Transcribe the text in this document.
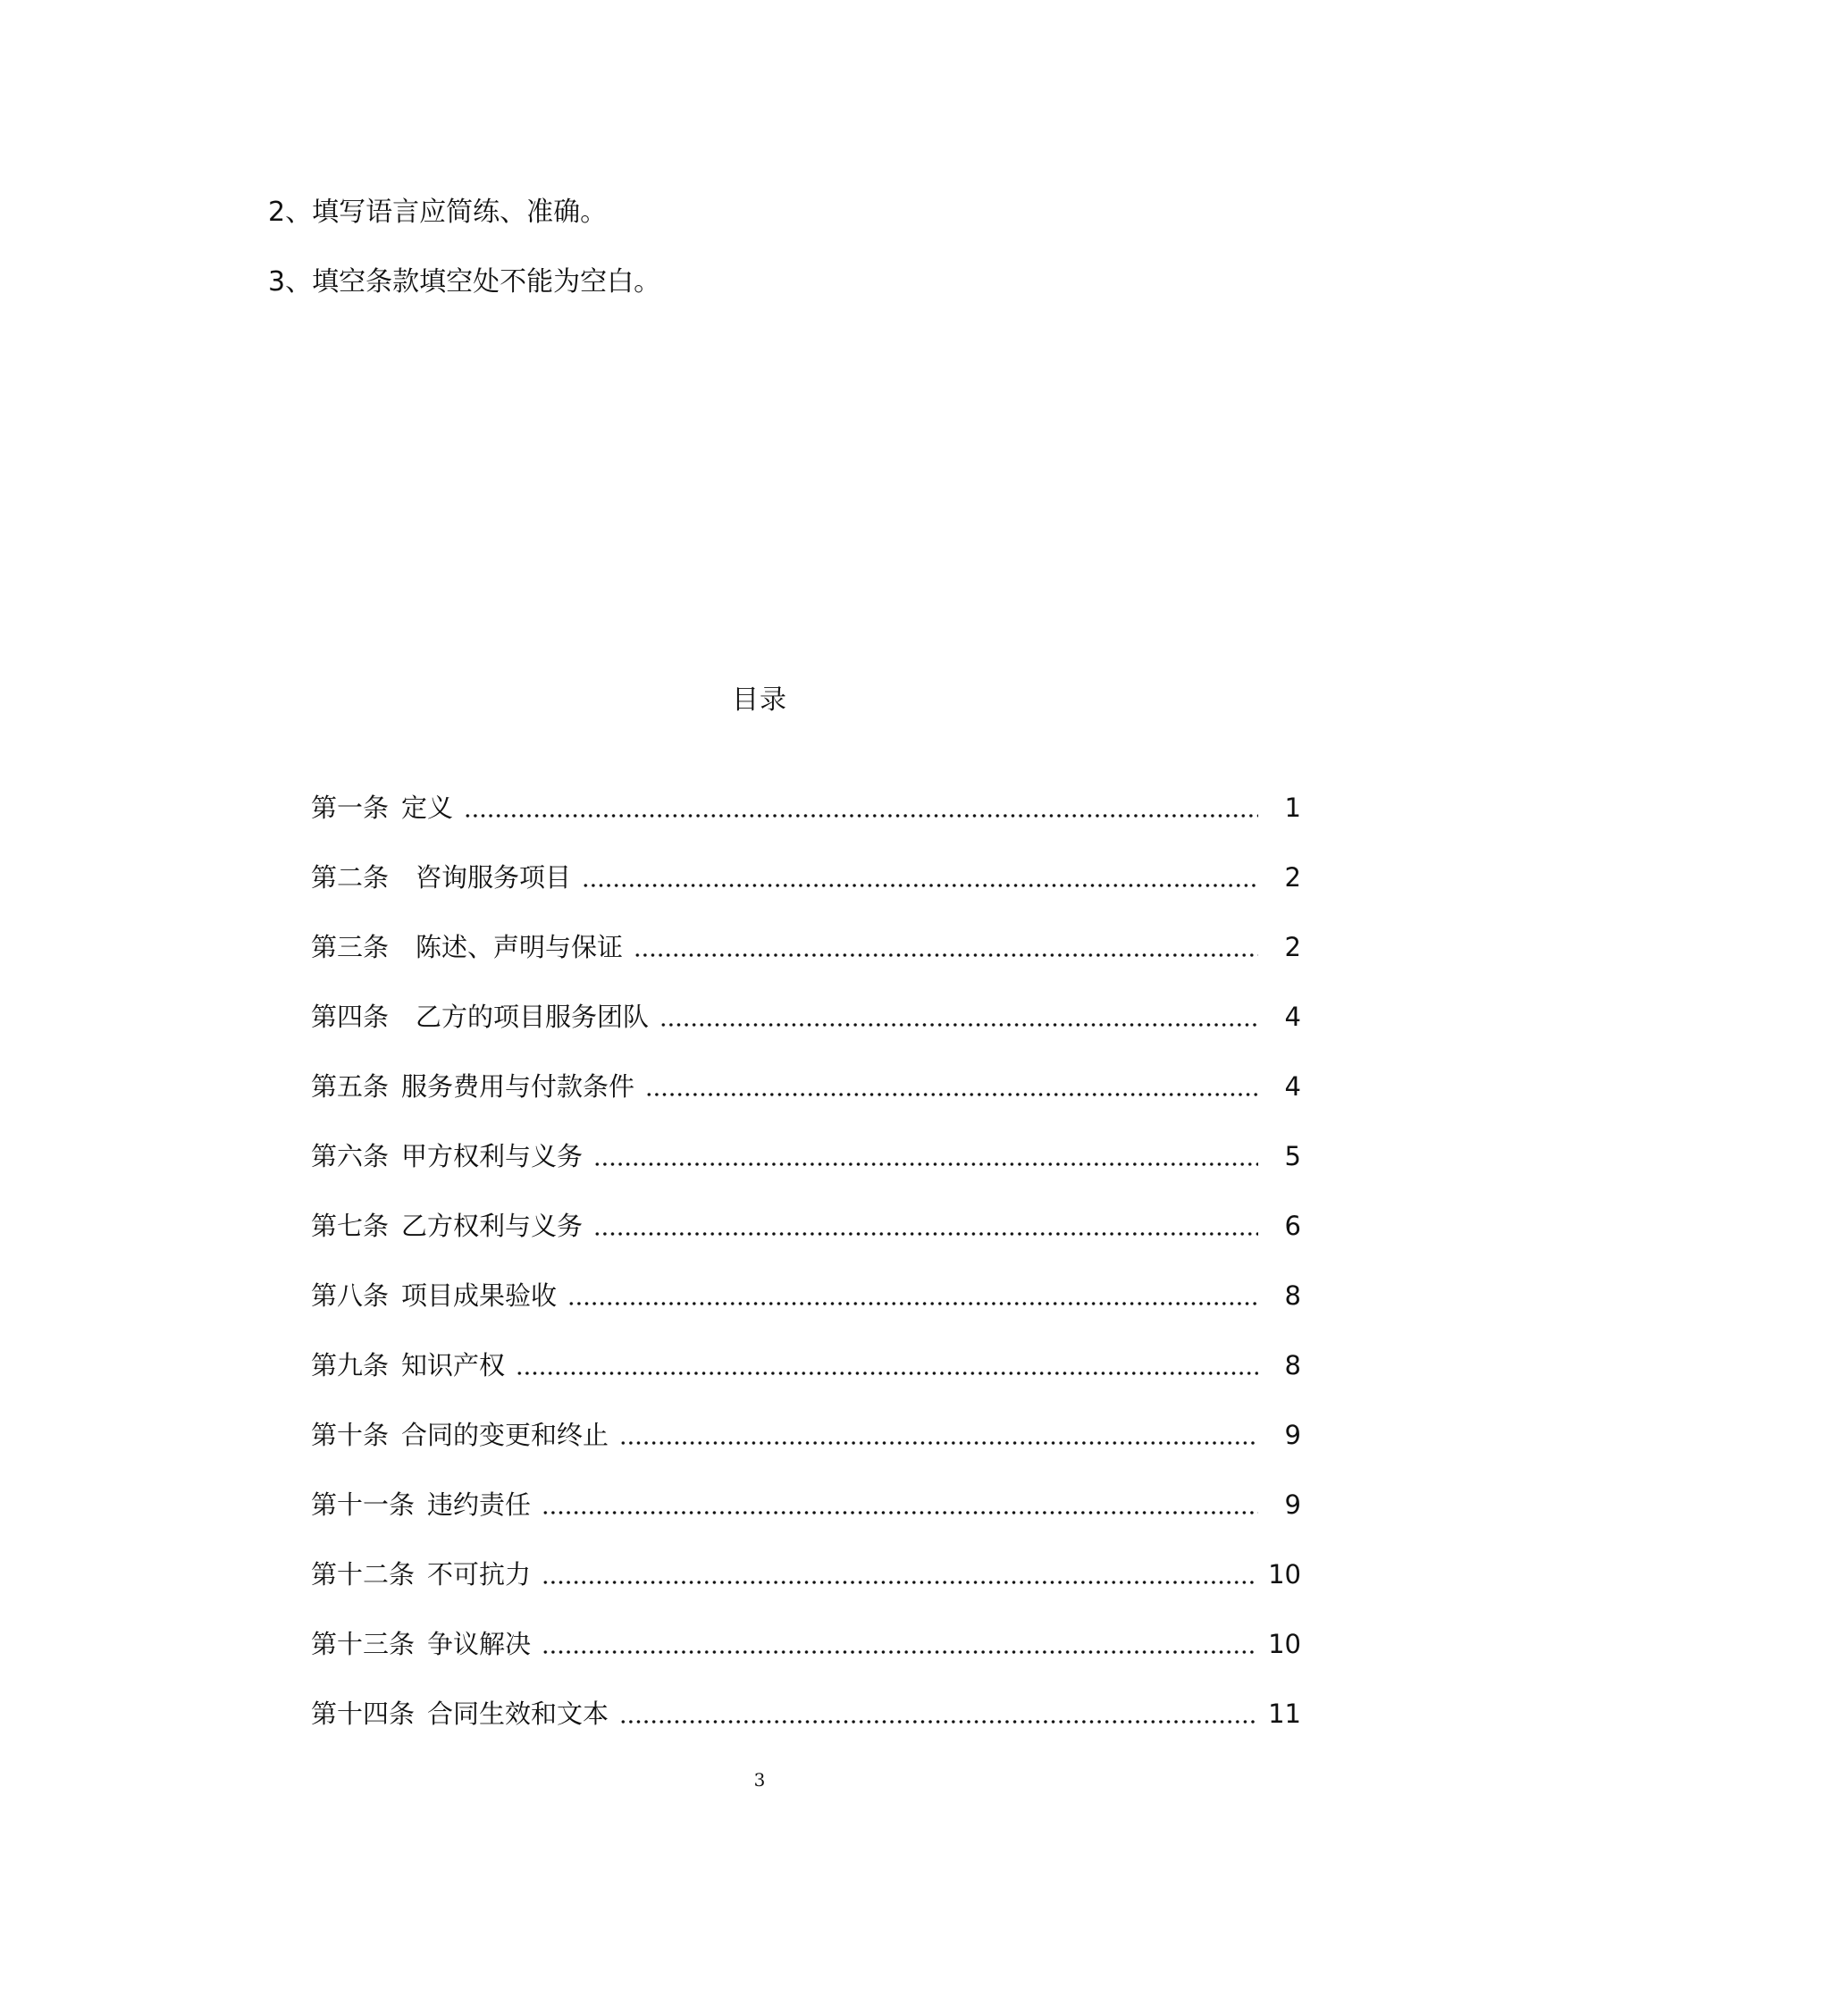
2、填写语言应简练、准确。
3、填空条款填空处不能为空白。
目录
第一条 定义	1
第二条 咨询服务项目	2
第三条 陈述、声明与保证	2
第四条 乙方的项目服务团队	4
第五条 服务费用与付款条件	4
第六条 甲方权利与义务	5
第七条 乙方权利与义务	6
第八条 项目成果验收	8
第九条 知识产权	8
第十条 合同的变更和终止	9
第十一条 违约责任	9
第十二条 不可抗力	10
第十三条 争议解决	10
第十四条 合同生效和文本	11
3
